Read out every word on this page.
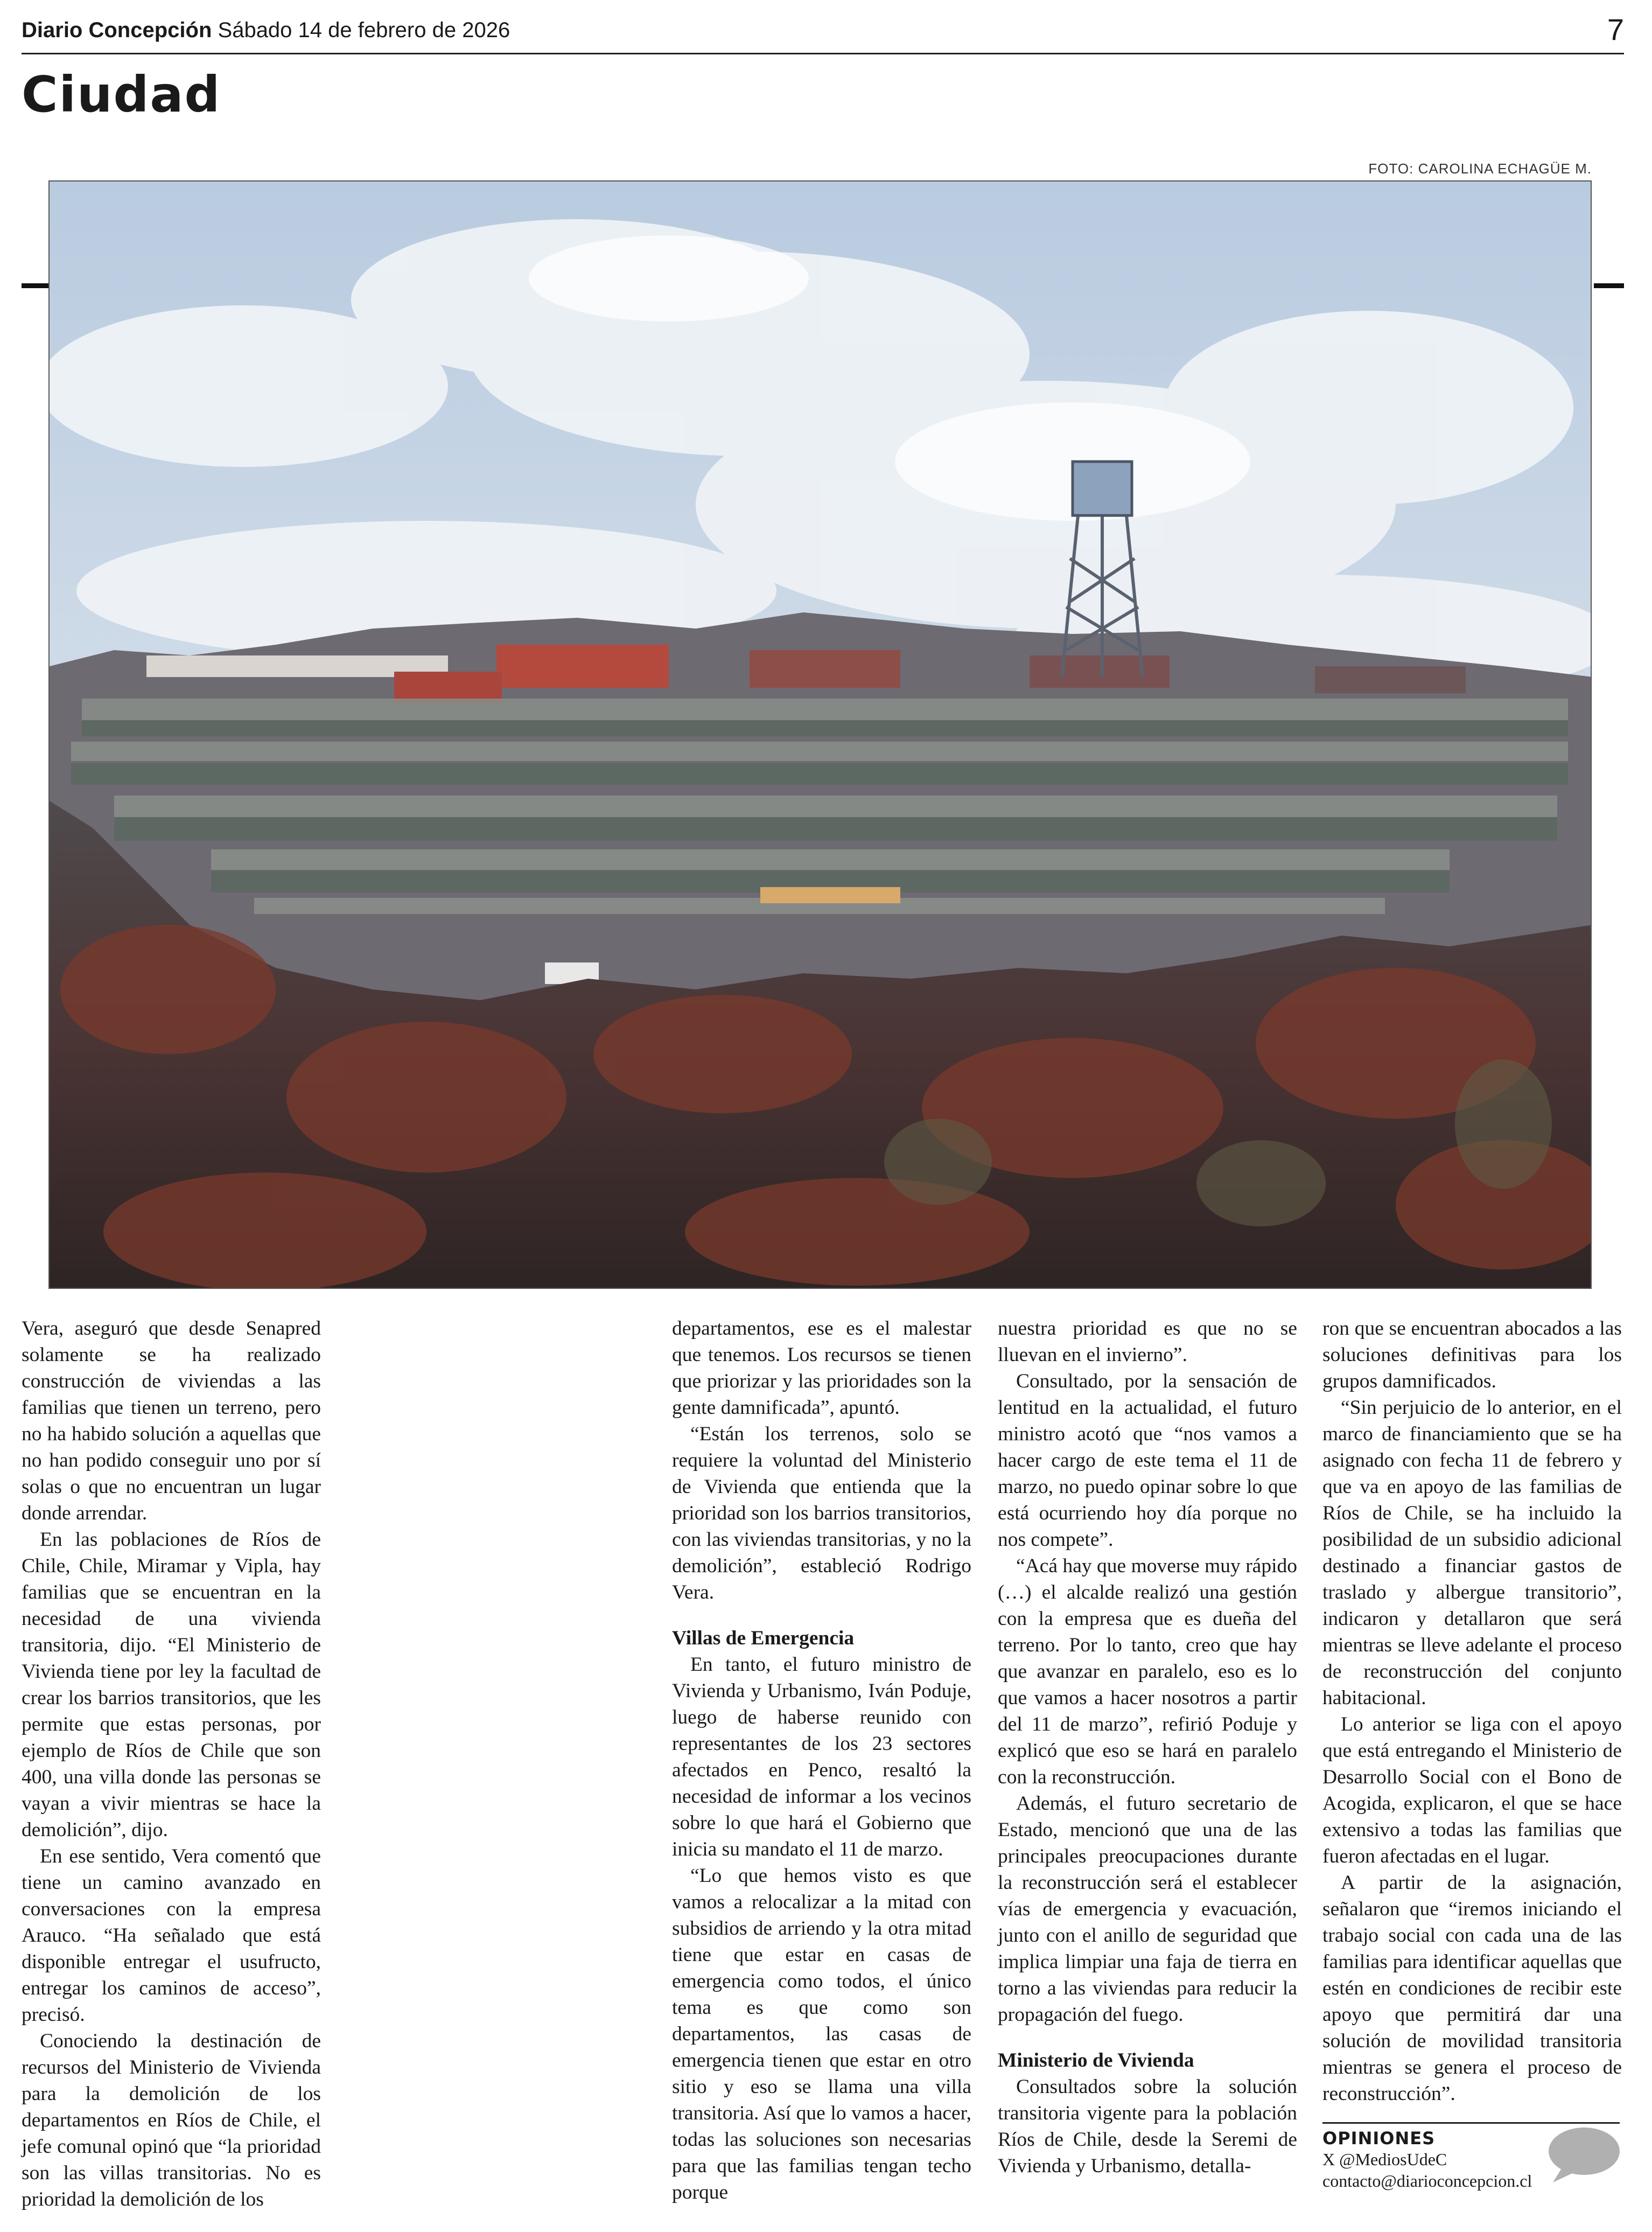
Diario Concepción Sábado 14 de febrero de 2026	7
Ciudad
FOTO: CAROLINA ECHAGÜE M.

Vera, aseguró que desde Senapred solamente se ha realizado construcción de viviendas a las familias que tienen un terreno, pero no ha habido solución a aquellas que no han podido conseguir uno por sí solas o que no encuentran un lugar donde arrendar.

En las poblaciones de Ríos de Chile, Chile, Miramar y Vipla, hay familias que se encuentran en la necesidad de una vivienda transitoria, dijo. “El Ministerio de Vivienda tiene por ley la facultad de crear los barrios transitorios, que les permite que estas personas, por ejemplo de Ríos de Chile que son 400, una villa donde las personas se vayan a vivir mientras se hace la demolición”, dijo.

En ese sentido, Vera comentó que tiene un camino avanzado en conversaciones con la empresa Arauco. “Ha señalado que está disponible entregar el usufructo, entregar los caminos de acceso”, precisó.

Conociendo la destinación de recursos del Ministerio de Vivienda para la demolición de los departamentos en Ríos de Chile, el jefe comunal opinó que “la prioridad son las villas transitorias. No es prioridad la demolición de los

departamentos, ese es el malestar que tenemos. Los recursos se tienen que priorizar y las prioridades son la gente damnificada”, apuntó.

“Están los terrenos, solo se requiere la voluntad del Ministerio de Vivienda que entienda que la prioridad son los barrios transitorios, con las viviendas transitorias, y no la demolición”, estableció Rodrigo Vera.

Villas de Emergencia

En tanto, el futuro ministro de Vivienda y Urbanismo, Iván Poduje, luego de haberse reunido con representantes de los 23 sectores afectados en Penco, resaltó la necesidad de informar a los vecinos sobre lo que hará el Gobierno que inicia su mandato el 11 de marzo.

“Lo que hemos visto es que vamos a relocalizar a la mitad con subsidios de arriendo y la otra mitad tiene que estar en casas de emergencia como todos, el único tema es que como son departamentos, las casas de emergencia tienen que estar en otro sitio y eso se llama una villa transitoria. Así que lo vamos a hacer, todas las soluciones son necesarias para que las familias tengan techo porque

nuestra prioridad es que no se lluevan en el invierno”.

Consultado, por la sensación de lentitud en la actualidad, el futuro ministro acotó que “nos vamos a hacer cargo de este tema el 11 de marzo, no puedo opinar sobre lo que está ocurriendo hoy día porque no nos compete”.

“Acá hay que moverse muy rápido (…) el alcalde realizó una gestión con la empresa que es dueña del terreno. Por lo tanto, creo que hay que avanzar en paralelo, eso es lo que vamos a hacer nosotros a partir del 11 de marzo”, refirió Poduje y explicó que eso se hará en paralelo con la reconstrucción.

Además, el futuro secretario de Estado, mencionó que una de las principales preocupaciones durante la reconstrucción será el establecer vías de emergencia y evacuación, junto con el anillo de seguridad que implica limpiar una faja de tierra en torno a las viviendas para reducir la propagación del fuego.

Ministerio de Vivienda

Consultados sobre la solución transitoria vigente para la población Ríos de Chile, desde la Seremi de Vivienda y Urbanismo, detalla-

ron que se encuentran abocados a las soluciones definitivas para los grupos damnificados.

“Sin perjuicio de lo anterior, en el marco de financiamiento que se ha asignado con fecha 11 de febrero y que va en apoyo de las familias de Ríos de Chile, se ha incluido la posibilidad de un subsidio adicional destinado a financiar gastos de traslado y albergue transitorio”, indicaron y detallaron que será mientras se lleve adelante el proceso de reconstrucción del conjunto habitacional.

Lo anterior se liga con el apoyo que está entregando el Ministerio de Desarrollo Social con el Bono de Acogida, explicaron, el que se hace extensivo a todas las familias que fueron afectadas en el lugar.

A partir de la asignación, señalaron que “iremos iniciando el trabajo social con cada una de las familias para identificar aquellas que estén en condiciones de recibir este apoyo que permitirá dar una solución de movilidad transitoria mientras se genera el proceso de reconstrucción”.

OPINIONES
X @MediosUdeC
contacto@diarioconcepcion.cl
